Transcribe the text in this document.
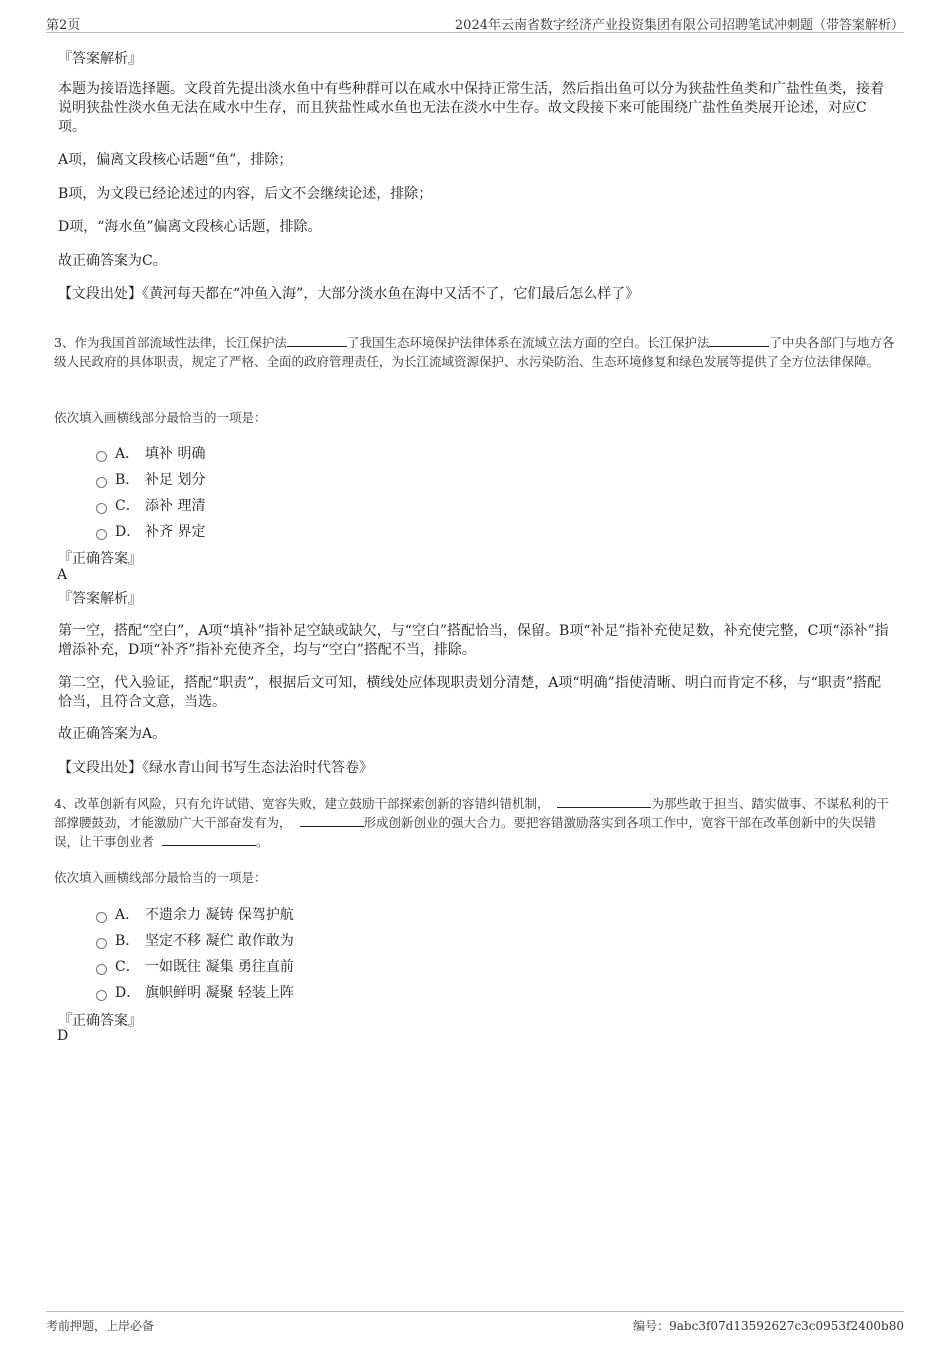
第2页	2024年云南省数字经济产业投资集团有限公司招聘笔试冲刺题（带答案解析）
『答案解析』
本题为接语选择题。文段首先提出淡水鱼中有些种群可以在咸水中保持正常生活，然后指出鱼可以分为狭盐性鱼类和广盐性鱼类，接着说明狭盐性淡水鱼无法在咸水中生存，而且狭盐性咸水鱼也无法在淡水中生存。故文段接下来可能围绕广盐性鱼类展开论述，对应C项。
A项，偏离文段核心话题“鱼”，排除；
B项，为文段已经论述过的内容，后文不会继续论述，排除；
D项，“海水鱼”偏离文段核心话题，排除。
故正确答案为C。
【文段出处】《黄河每天都在“冲鱼入海”，大部分淡水鱼在海中又活不了，它们最后怎么样了》
3、作为我国首部流域性法律，长江保护法	了我国生态环境保护法律体系在流域立法方面的空白。长江保护法	了中央各部门与地方各级人民政府的具体职责，规定了严格、全面的政府管理责任，为长江流域资源保护、水污染防治、生态环境修复和绿色发展等提供了全方位法律保障。
依次填入画横线部分最恰当的一项是：
A． 填补 明确
B． 补足 划分
C． 添补 理清
D． 补齐 界定
『正确答案』
A
『答案解析』
第一空，搭配“空白”，A项“填补”指补足空缺或缺欠，与“空白”搭配恰当，保留。B项“补足”指补充使足数，补充使完整，C项“添补”指增添补充，D项“补齐”指补充使齐全，均与“空白”搭配不当，排除。
第二空，代入验证，搭配“职责”，根据后文可知，横线处应体现职责划分清楚，A项“明确”指使清晰、明白而肯定不移，与“职责”搭配恰当，且符合文意，当选。
故正确答案为A。
【文段出处】《绿水青山间书写生态法治时代答卷》
4、改革创新有风险，只有允许试错、宽容失败，建立鼓励干部探索创新的容错纠错机制，	为那些敢于担当、踏实做事、不谋私利的干部撑腰鼓劲，才能激励广大干部奋发有为，	形成创新创业的强大合力。要把容错激励落实到各项工作中，宽容干部在改革创新中的失误错误，让干事创业者	。
依次填入画横线部分最恰当的一项是：
A． 不遗余力 凝铸 保驾护航
B． 坚定不移 凝伫 敢作敢为
C． 一如既往 凝集 勇往直前
D． 旗帜鲜明 凝聚 轻装上阵
『正确答案』
D
考前押题，上岸必备	编号：9abc3f07d13592627c3c0953f2400b80
